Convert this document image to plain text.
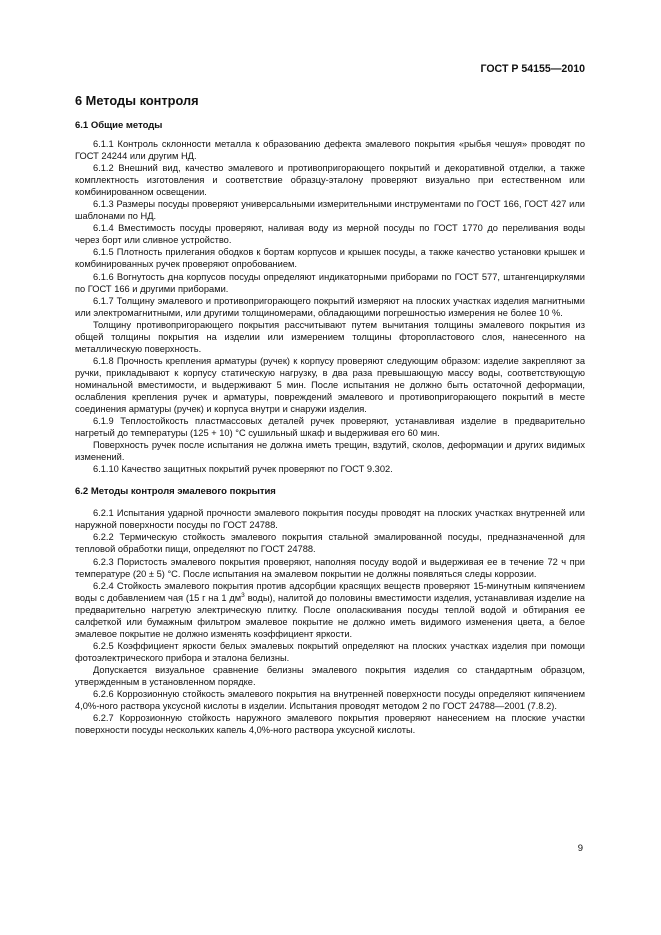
ГОСТ Р 54155—2010
6 Методы контроля
6.1 Общие методы

6.1.1 Контроль склонности металла к образованию дефекта эмалевого покрытия «рыбья чешуя» проводят по ГОСТ 24244 или другим НД.

6.1.2 Внешний вид, качество эмалевого и противопригорающего покрытий и декоративной отделки, а также комплектность изготовления и соответствие образцу-эталону проверяют визуально при естественном или комбинированном освещении.

6.1.3 Размеры посуды проверяют универсальными измерительными инструментами по ГОСТ 166, ГОСТ 427 или шаблонами по НД.

6.1.4 Вместимость посуды проверяют, наливая воду из мерной посуды по ГОСТ 1770 до переливания воды через борт или сливное устройство.

6.1.5 Плотность прилегания ободков к бортам корпусов и крышек посуды, а также качество установки крышек и комбинированных ручек проверяют опробованием.

6.1.6 Вогнутость дна корпусов посуды определяют индикаторными приборами по ГОСТ 577, штангенциркулями по ГОСТ 166 и другими приборами.

6.1.7 Толщину эмалевого и противопригорающего покрытий измеряют на плоских участках изделия магнитными или электромагнитными, или другими толщиномерами, обладающими погрешностью измерения не более 10 %.

Толщину противопригорающего покрытия рассчитывают путем вычитания толщины эмалевого покрытия из общей толщины покрытия на изделии или измерением толщины фторопластового слоя, нанесенного на металлическую поверхность.

6.1.8 Прочность крепления арматуры (ручек) к корпусу проверяют следующим образом: изделие закрепляют за ручки, прикладывают к корпусу статическую нагрузку, в два раза превышающую массу воды, соответствующую номинальной вместимости, и выдерживают 5 мин. После испытания не должно быть остаточной деформации, ослабления крепления ручек и арматуры, повреждений эмалевого и противопригорающего покрытий в месте соединения арматуры (ручек) и корпуса внутри и снаружи изделия.

6.1.9 Теплостойкость пластмассовых деталей ручек проверяют, устанавливая изделие в предварительно нагретый до температуры (125 + 10) °С сушильный шкаф и выдерживая его 60 мин.

Поверхность ручек после испытания не должна иметь трещин, вздутий, сколов, деформации и других видимых изменений.

6.1.10 Качество защитных покрытий ручек проверяют по ГОСТ 9.302.

6.2 Методы контроля эмалевого покрытия

6.2.1 Испытания ударной прочности эмалевого покрытия посуды проводят на плоских участках внутренней или наружной поверхности посуды по ГОСТ 24788.

6.2.2 Термическую стойкость эмалевого покрытия стальной эмалированной посуды, предназначенной для тепловой обработки пищи, определяют по ГОСТ 24788.

6.2.3 Пористость эмалевого покрытия проверяют, наполняя посуду водой и выдерживая ее в течение 72 ч при температуре (20 ± 5) °С. После испытания на эмалевом покрытии не должны появляться следы коррозии.

6.2.4 Стойкость эмалевого покрытия против адсорбции красящих веществ проверяют 15-минутным кипячением воды с добавлением чая (15 г на 1 $дм^3$ воды), налитой до половины вместимости изделия, устанавливая изделие на предварительно нагретую электрическую плитку. После ополаскивания посуды теплой водой и обтирания ее салфеткой или бумажным фильтром эмалевое покрытие не должно иметь видимого изменения цвета, а белое эмалевое покрытие не должно изменять коэффициент яркости.

6.2.5 Коэффициент яркости белых эмалевых покрытий определяют на плоских участках изделия при помощи фотоэлектрического прибора и эталона белизны.

Допускается визуальное сравнение белизны эмалевого покрытия изделия со стандартным образцом, утвержденным в установленном порядке.

6.2.6 Коррозионную стойкость эмалевого покрытия на внутренней поверхности посуды определяют кипячением 4,0%-ного раствора уксусной кислоты в изделии. Испытания проводят методом 2 по ГОСТ 24788—2001 (7.8.2).

6.2.7 Коррозионную стойкость наружного эмалевого покрытия проверяют нанесением на плоские участки поверхности посуды нескольких капель 4,0%-ного раствора уксусной кислоты.

9
